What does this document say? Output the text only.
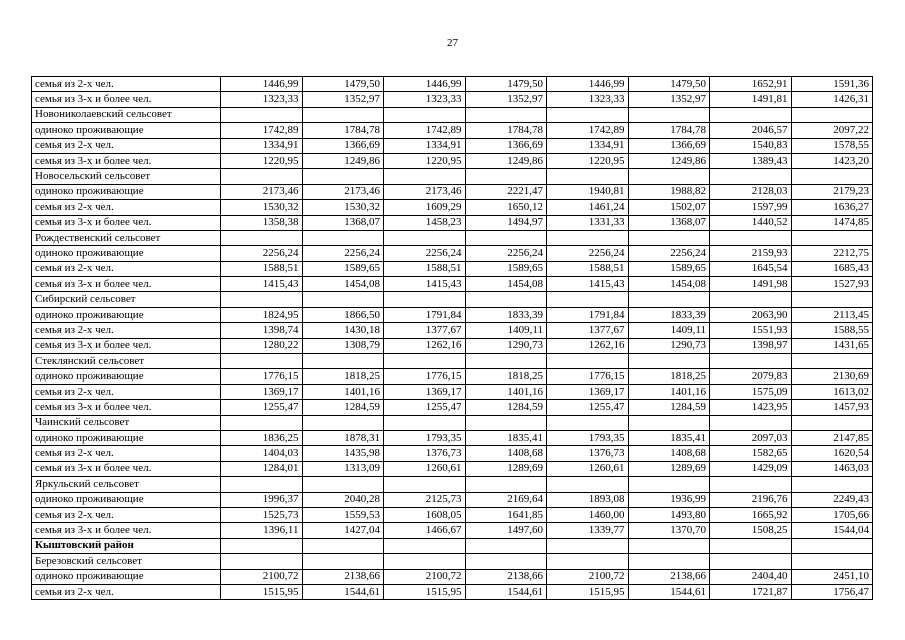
27
семья из 2-х чел.	1446,99	1479,50	1446,99	1479,50	1446,99	1479,50	1652,91	1591,36
семья из 3-х и более чел.	1323,33	1352,97	1323,33	1352,97	1323,33	1352,97	1491,81	1426,31
Новониколаевский сельсовет								
одиноко проживающие	1742,89	1784,78	1742,89	1784,78	1742,89	1784,78	2046,57	2097,22
семья из 2-х чел.	1334,91	1366,69	1334,91	1366,69	1334,91	1366,69	1540,83	1578,55
семья из 3-х и более чел.	1220,95	1249,86	1220,95	1249,86	1220,95	1249,86	1389,43	1423,20
Новосельский сельсовет								
одиноко проживающие	2173,46	2173,46	2173,46	2221,47	1940,81	1988,82	2128,03	2179,23
семья из 2-х чел.	1530,32	1530,32	1609,29	1650,12	1461,24	1502,07	1597,99	1636,27
семья из 3-х и более чел.	1358,38	1368,07	1458,23	1494,97	1331,33	1368,07	1440,52	1474,85
Рождественский сельсовет								
одиноко проживающие	2256,24	2256,24	2256,24	2256,24	2256,24	2256,24	2159,93	2212,75
семья из 2-х чел.	1588,51	1589,65	1588,51	1589,65	1588,51	1589,65	1645,54	1685,43
семья из 3-х и более чел.	1415,43	1454,08	1415,43	1454,08	1415,43	1454,08	1491,98	1527,93
Сибирский сельсовет								
одиноко проживающие	1824,95	1866,50	1791,84	1833,39	1791,84	1833,39	2063,90	2113,45
семья из 2-х чел.	1398,74	1430,18	1377,67	1409,11	1377,67	1409,11	1551,93	1588,55
семья из 3-х и более чел.	1280,22	1308,79	1262,16	1290,73	1262,16	1290,73	1398,97	1431,65
Стеклянский сельсовет								
одиноко проживающие	1776,15	1818,25	1776,15	1818,25	1776,15	1818,25	2079,83	2130,69
семья из 2-х чел.	1369,17	1401,16	1369,17	1401,16	1369,17	1401,16	1575,09	1613,02
семья из 3-х и более чел.	1255,47	1284,59	1255,47	1284,59	1255,47	1284,59	1423,95	1457,93
Чаинский сельсовет								
одиноко проживающие	1836,25	1878,31	1793,35	1835,41	1793,35	1835,41	2097,03	2147,85
семья из 2-х чел.	1404,03	1435,98	1376,73	1408,68	1376,73	1408,68	1582,65	1620,54
семья из 3-х и более чел.	1284,01	1313,09	1260,61	1289,69	1260,61	1289,69	1429,09	1463,03
Яркульский сельсовет								
одиноко проживающие	1996,37	2040,28	2125,73	2169,64	1893,08	1936,99	2196,76	2249,43
семья из 2-х чел.	1525,73	1559,53	1608,05	1641,85	1460,00	1493,80	1665,92	1705,66
семья из 3-х и более чел.	1396,11	1427,04	1466,67	1497,60	1339,77	1370,70	1508,25	1544,04
Кыштовский район								
Березовский сельсовет								
одиноко проживающие	2100,72	2138,66	2100,72	2138,66	2100,72	2138,66	2404,40	2451,10
семья из 2-х чел.	1515,95	1544,61	1515,95	1544,61	1515,95	1544,61	1721,87	1756,47
